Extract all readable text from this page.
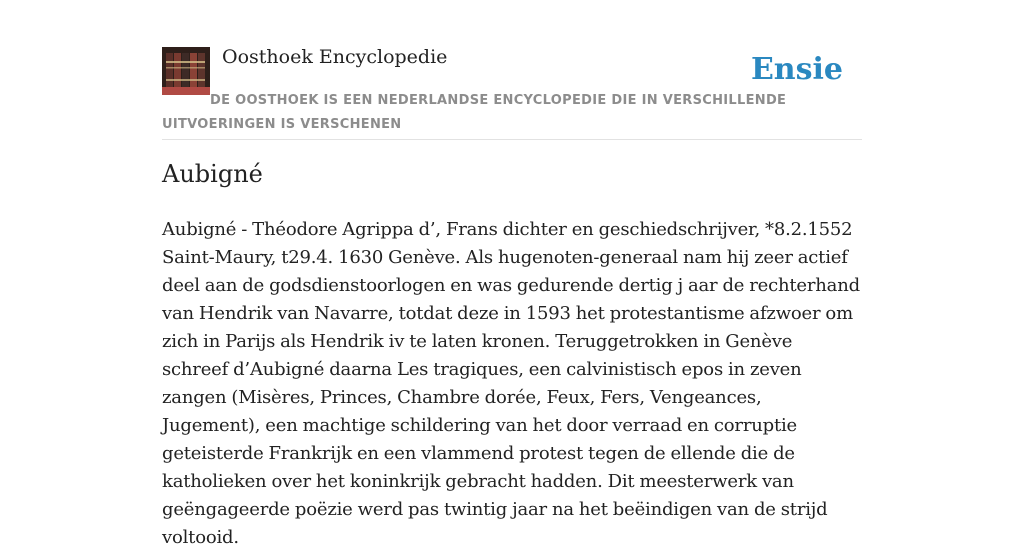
Oosthoek Encyclopedie	Ensie
DE OOSTHOEK IS EEN NEDERLANDSE ENCYCLOPEDIE DIE IN VERSCHILLENDE UITVOERINGEN IS VERSCHENEN
Aubigné

Aubigné - Théodore Agrippa d’, Frans dichter en geschiedschrijver, *8.2.1552 Saint-Maury, t29.4. 1630 Genève. Als hugenoten-generaal nam hij zeer actief deel aan de godsdienstoorlogen en was gedurende dertig j aar de rechterhand van Hendrik van Navarre, totdat deze in 1593 het protestantisme afzwoer om zich in Parijs als Hendrik iv te laten kronen. Teruggetrokken in Genève schreef d’Aubigné daarna Les tragiques, een calvinistisch epos in zeven zangen (Misères, Princes, Chambre dorée, Feux, Fers, Vengeances, Jugement), een machtige schildering van het door verraad en corruptie geteisterde Frankrijk en een vlammend protest tegen de ellende die de katholieken over het koninkrijk gebracht hadden. Dit meesterwerk van geëngageerde poëzie werd pas twintig jaar na het beëindigen van de strijd voltooid.
